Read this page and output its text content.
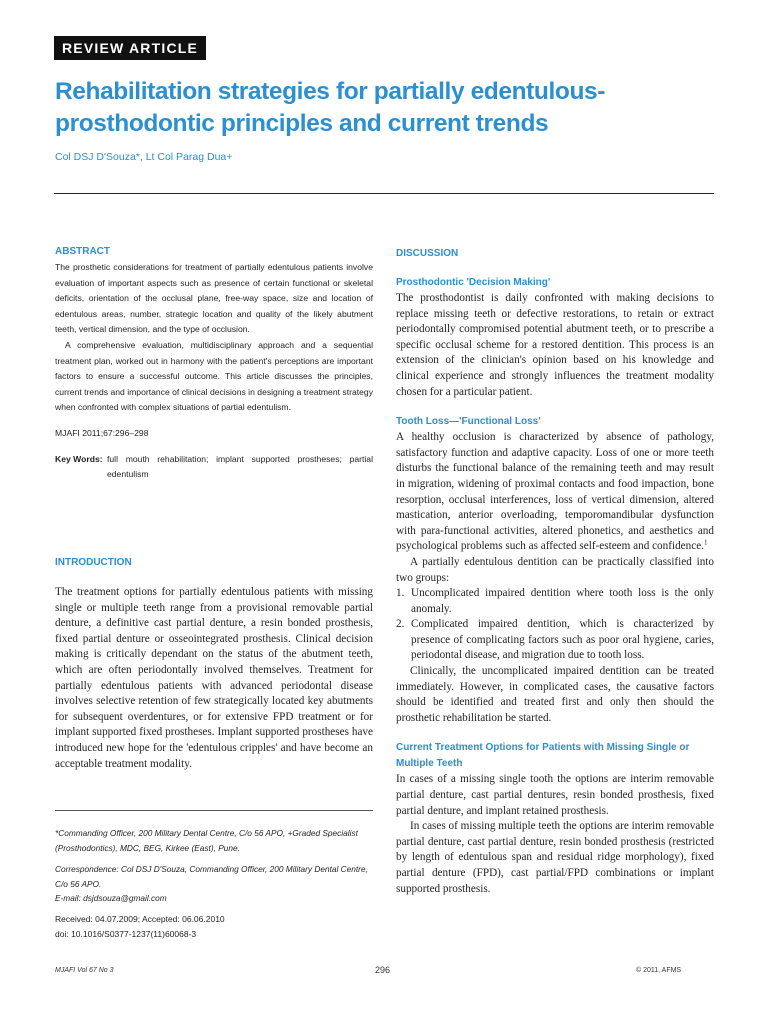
REVIEW ARTICLE
Rehabilitation strategies for partially edentulous-prosthodontic principles and current trends
Col DSJ D'Souza*, Lt Col Parag Dua+
ABSTRACT

The prosthetic considerations for treatment of partially edentulous patients involve evaluation of important aspects such as presence of certain functional or skeletal deficits, orientation of the occlusal plane, free-way space, size and location of edentulous areas, number, strategic location and quality of the likely abutment teeth, vertical dimension, and the type of occlusion.

A comprehensive evaluation, multidisciplinary approach and a sequential treatment plan, worked out in harmony with the patient's perceptions are important factors to ensure a successful outcome. This article discusses the principles, current trends and importance of clinical decisions in designing a treatment strategy when confronted with complex situations of partial edentulism.

MJAFI 2011;67:296–298
Key Words: full mouth rehabilitation; implant supported prostheses; partial edentulism
INTRODUCTION

The treatment options for partially edentulous patients with missing single or multiple teeth range from a provisional removable partial denture, a definitive cast partial denture, a resin bonded prosthesis, fixed partial denture or osseointegrated prosthesis. Clinical decision making is critically dependant on the status of the abutment teeth, which are often periodontally involved themselves. Treatment for partially edentulous patients with advanced periodontal disease involves selective retention of few strategically located key abutments for subsequent overdentures, or for extensive FPD treatment or for implant supported fixed prostheses. Implant supported prostheses have introduced new hope for the 'edentulous cripples' and have become an acceptable treatment modality.

*Commanding Officer, 200 Military Dental Centre, C/o 56 APO, +Graded Specialist (Prosthodontics), MDC, BEG, Kirkee (East), Pune.

Correspondence: Col DSJ D'Souza, Commanding Officer, 200 Military Dental Centre, C/o 56 APO.

E-mail: dsjdsouza@gmail.com

Received: 04.07.2009; Accepted: 06.06.2010

doi: 10.1016/S0377-1237(11)60068-3

DISCUSSION
Prosthodontic 'Decision Making'

The prosthodontist is daily confronted with making decisions to replace missing teeth or defective restorations, to retain or extract periodontally compromised potential abutment teeth, or to prescribe a specific occlusal scheme for a restored dentition. This process is an extension of the clinician's opinion based on his knowledge and clinical experience and strongly influences the treatment modality chosen for a particular patient.

Tooth Loss—'Functional Loss'

A healthy occlusion is characterized by absence of pathology, satisfactory function and adaptive capacity. Loss of one or more teeth disturbs the functional balance of the remaining teeth and may result in migration, widening of proximal contacts and food impaction, bone resorption, occlusal interferences, loss of vertical dimension, altered mastication, anterior overloading, temporomandibular dysfunction with para-functional activities, altered phonetics, and aesthetics and psychological problems such as affected self-esteem and confidence.$^1$

A partially edentulous dentition can be practically classified into two groups:

1. Uncomplicated impaired dentition where tooth loss is the only anomaly.
2. Complicated impaired dentition, which is characterized by presence of complicating factors such as poor oral hygiene, caries, periodontal disease, and migration due to tooth loss.

Clinically, the uncomplicated impaired dentition can be treated immediately. However, in complicated cases, the causative factors should be identified and treated first and only then should the prosthetic rehabilitation be started.

Current Treatment Options for Patients with Missing Single or Multiple Teeth

In cases of a missing single tooth the options are interim removable partial denture, cast partial dentures, resin bonded prosthesis, fixed partial denture, and implant retained prosthesis.

In cases of missing multiple teeth the options are interim removable partial denture, cast partial denture, resin bonded prosthesis (restricted by length of edentulous span and residual ridge morphology), fixed partial denture (FPD), cast partial/FPD combinations or implant supported prosthesis.

MJAFI Vol 67 No 3	296	© 2011, AFMS
